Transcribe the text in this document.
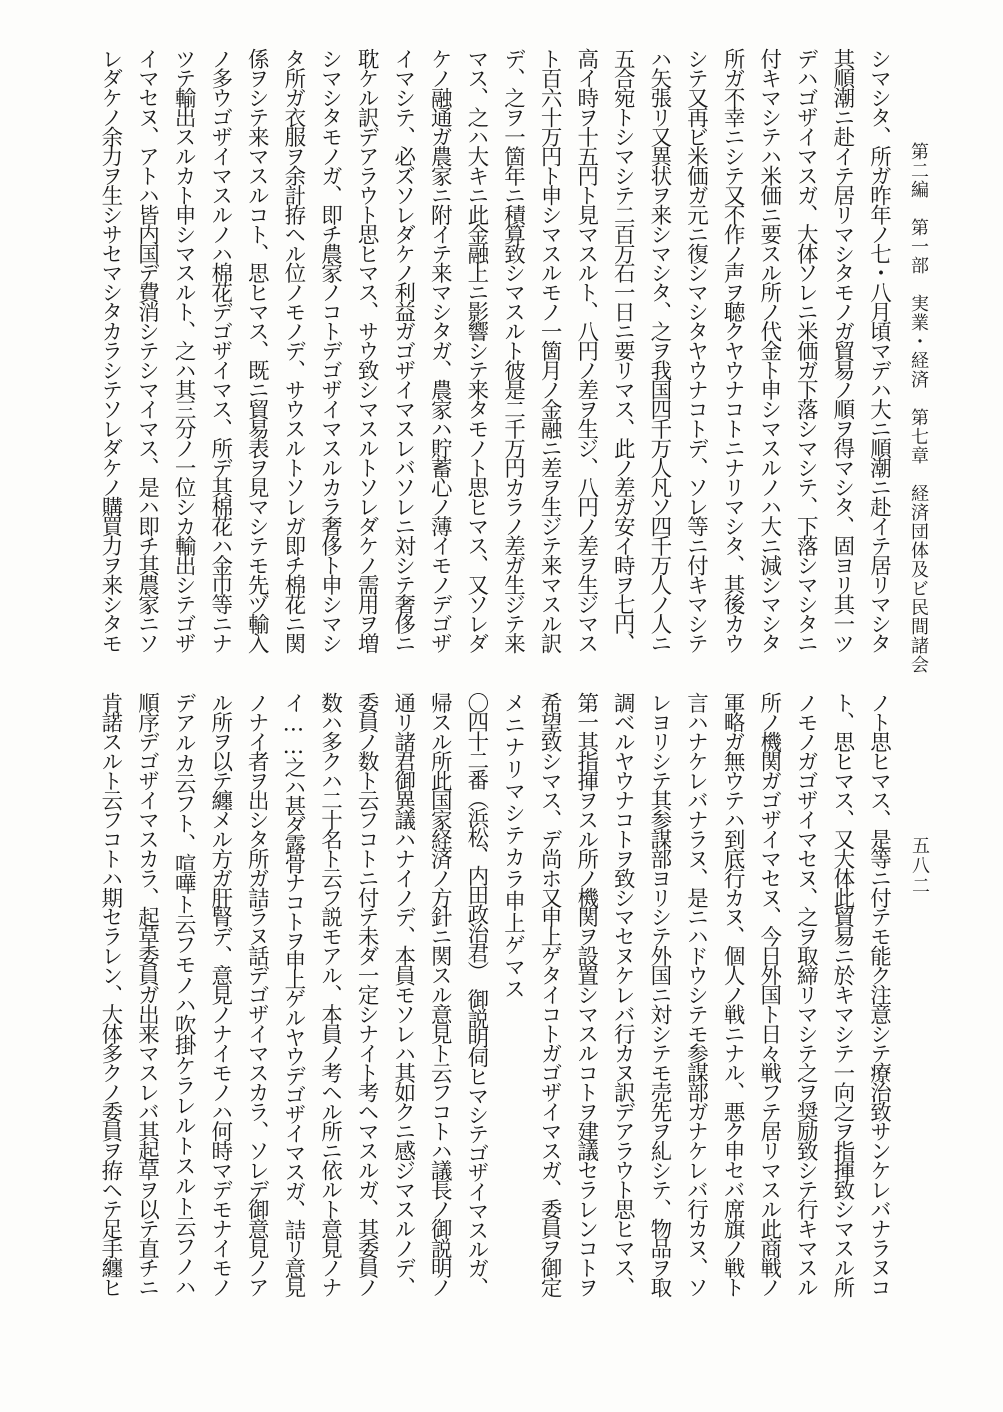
第二編　第一部　実業・経済　第七章　経済団体及ビ民間諸会
五八二
シマシタ、所ガ昨年ノ七・八月頃マデハ大ニ順潮ニ赴イテ居リマシタ
其順潮ニ赴イテ居リマシタモノガ貿易ノ順ヲ得マシタ、固ヨリ其一ツ
デハゴザイマスガ、大体ソレニ米価ガ下落シマシテ、下落シマシタニ
付キマシテハ米価ニ要スル所ノ代金ト申シマスルノハ大ニ減シマシタ
所ガ不幸ニシテ又不作ノ声ヲ聴クヤウナコトニナリマシタ、其後カウ
シテ又再ビ米価ガ元ニ復シマシタヤウナコトデ、ソレ等ニ付キマシテ
ハ矢張リ又異状ヲ来シマシタ、之ヲ我国四千万人凡ソ四千万人ノ人ニ
五合宛トシマシテ二百万石一日ニ要リマス、此ノ差ガ安イ時ヲ七円、
高イ時ヲ十五円ト見マスルト、八円ノ差ヲ生ジ、八円ノ差ヲ生ジマス
ト百六十万円ト申シマスルモノ一箇月ノ金融ニ差ヲ生ジテ来マスル訳
デ、之ヲ一箇年ニ積算致シマスルト彼是二千万円カラノ差ガ生ジテ来
マス、之ハ大キニ此金融上ニ影響シテ来タモノト思ヒマス、又ソレダ
ケノ融通ガ農家ニ附イテ来マシタガ、農家ハ貯蓄心ノ薄イモノデゴザ
イマシテ、必ズソレダケノ利益ガゴザイマスレバソレニ対シテ奢侈ニ
耽ケル訳デアラウト思ヒマス、サウ致シマスルトソレダケノ需用ヲ増
シマシタモノガ、即チ農家ノコトデゴザイマスルカラ奢侈ト申シマシ
タ所ガ衣服ヲ余計拵ヘル位ノモノデ、サウスルトソレガ即チ棉花ニ関
係ヲシテ来マスルコト、思ヒマス、既ニ貿易表ヲ見マシテモ先ヅ輸入
ノ多ウゴザイマスルノハ棉花デゴザイマス、所デ其棉花ハ金巾等ニナ
ツテ輸出スルカト申シマスルト、之ハ其三分ノ一位シカ輸出シテゴザ
イマセヌ、アトハ皆内国デ費消シテシマイマス、是ハ即チ其農家ニソ
レダケノ余力ヲ生シサセマシタカラシテソレダケノ購買力ヲ来シタモ
ノト思ヒマス、是等ニ付テモ能ク注意シテ療治致サンケレバナラヌコ
ト、思ヒマス、又大体此貿易ニ於キマシテ一向之ヲ指揮致シマスル所
ノモノガゴザイマセヌ、之ヲ取締リマシテ之ヲ奨励致シテ行キマスル
所ノ機関ガゴザイマセヌ、今日外国ト日々戦フテ居リマスル此商戦ノ
軍略ガ無ウテハ到底行カヌ、個人ノ戦ニナル、悪ク申セバ席旗ノ戦ト
言ハナケレバナラヌ、是ニハドウシテモ参謀部ガナケレバ行カヌ、ソ
レヨリシテ其参謀部ヨリシテ外国ニ対シテモ売先ヲ糺シテ、物品ヲ取
調ベルヤウナコトヲ致シマセヌケレバ行カヌ訳デアラウト思ヒマス、
第一其指揮ヲスル所ノ機関ヲ設置シマスルコトヲ建議セラレンコトヲ
希望致シマス、デ尚ホ又申上ゲタイコトガゴザイマスガ、委員ヲ御定
メニナリマシテカラ申上ゲマス
〇四十二番（浜松、内田政治君）　御説明伺ヒマシテゴザイマスルガ、
帰スル所此国家経済ノ方針ニ関スル意見ト云フコトハ議長ノ御説明ノ
通リ諸君御異議ハナイノデ、本員モソレハ其如クニ感ジマスルノデ、
委員ノ数ト云フコトニ付テ未ダ一定シナイト考ヘマスルガ、其委員ノ
数ハ多クハ二十名ト云フ説モアル、本員ノ考ヘル所ニ依ルト意見ノナ
イ……之ハ甚ダ露骨ナコトヲ申上ゲルヤウデゴザイマスガ、詰リ意見
ノナイ者ヲ出シタ所ガ詰ラヌ話デゴザイマスカラ、ソレデ御意見ノア
ル所ヲ以テ纏メル方ガ肝腎デ、意見ノナイモノハ何時マデモナイモノ
デアルカ云フト、喧嘩ト云フモノハ吹掛ケラレルトスルト云フノハ
順序デゴザイマスカラ、起草委員ガ出来マスレバ其起草ヲ以テ直チニ
肯諾スルト云フコトハ期セラレン、大体多クノ委員ヲ拵ヘテ足手纏ヒ
